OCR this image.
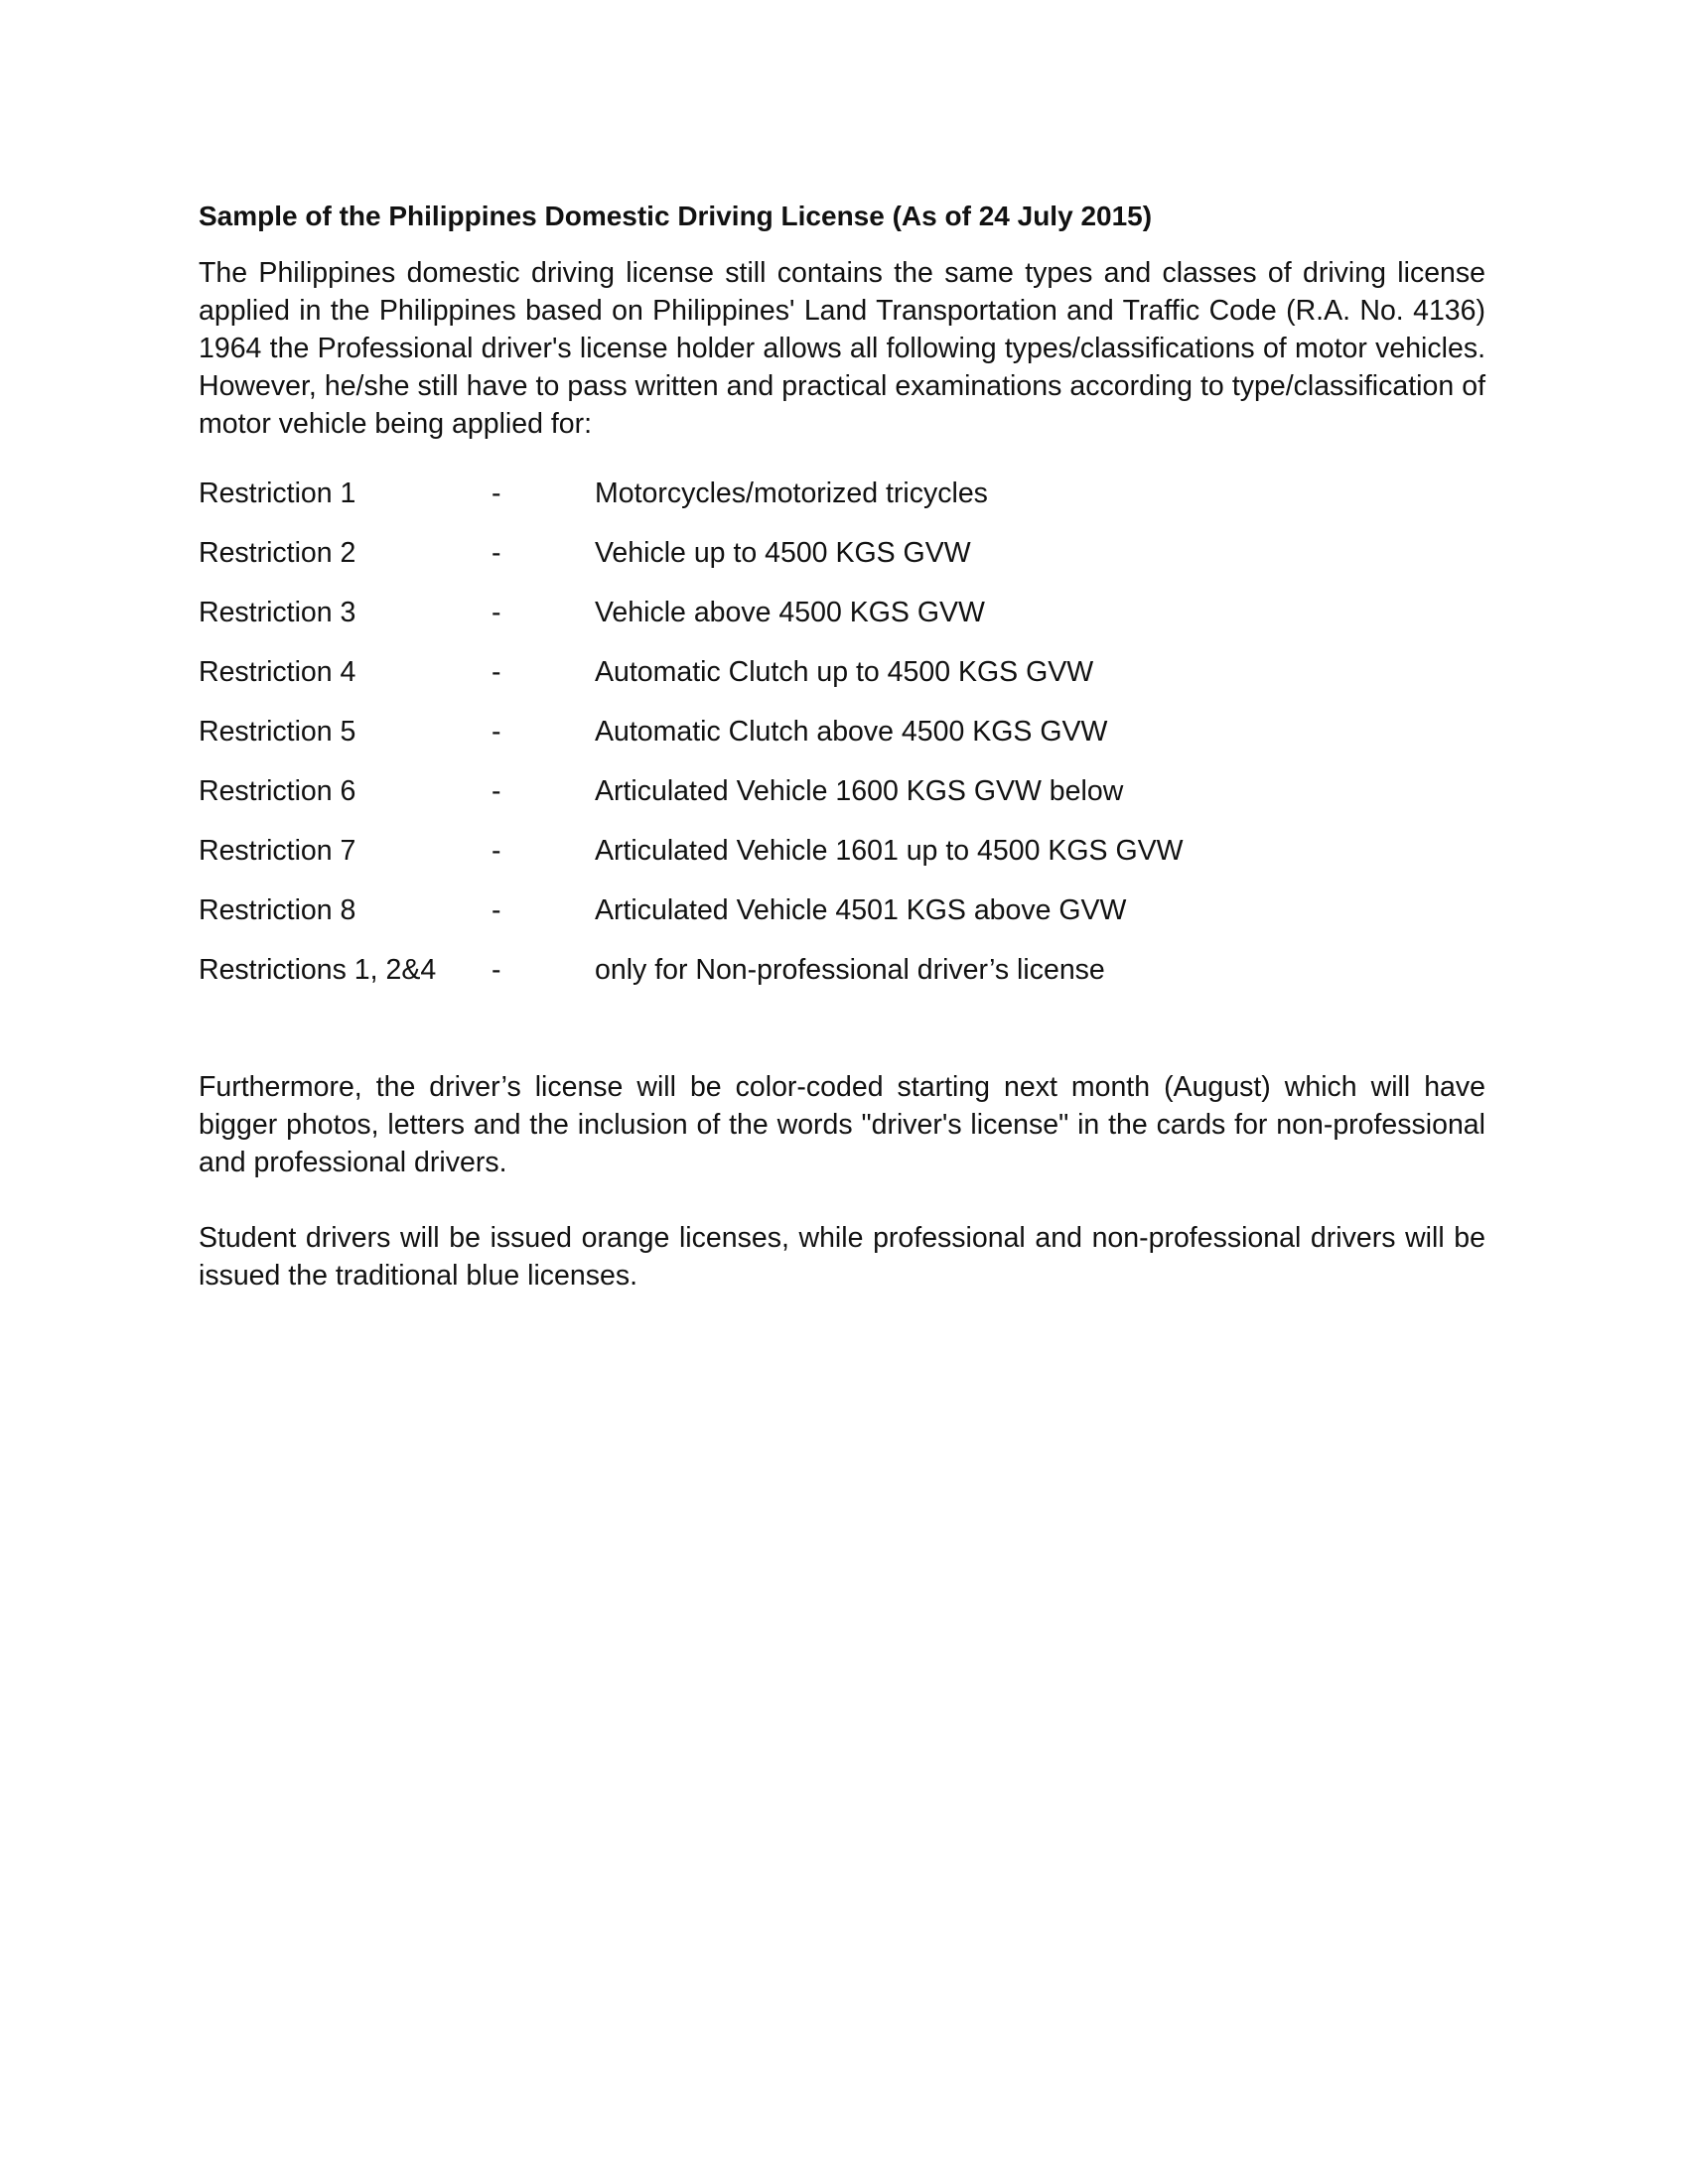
Sample of the Philippines Domestic Driving License (As of 24 July 2015)

The Philippines domestic driving license still contains the same types and classes of driving license applied in the Philippines based on Philippines' Land Transportation and Traffic Code (R.A. No. 4136) 1964 the Professional driver's license holder allows all following types/classifications of motor vehicles. However, he/she still have to pass written and practical examinations according to type/classification of motor vehicle being applied for:

Restriction 1	-	Motorcycles/motorized tricycles
Restriction 2	-	Vehicle up to 4500 KGS GVW
Restriction 3	-	Vehicle above 4500 KGS GVW
Restriction 4	-	Automatic Clutch up to 4500 KGS GVW
Restriction 5	-	Automatic Clutch above 4500 KGS GVW
Restriction 6	-	Articulated Vehicle 1600 KGS GVW below
Restriction 7	-	Articulated Vehicle 1601 up to 4500 KGS GVW
Restriction 8	-	Articulated Vehicle 4501 KGS above GVW
Restrictions 1, 2&4	-	only for Non-professional driver’s license

Furthermore, the driver’s license will be color-coded starting next month (August) which will have bigger photos, letters and the inclusion of the words "driver's license" in the cards for non-professional and professional drivers.

Student drivers will be issued orange licenses, while professional and non-professional drivers will be issued the traditional blue licenses.
